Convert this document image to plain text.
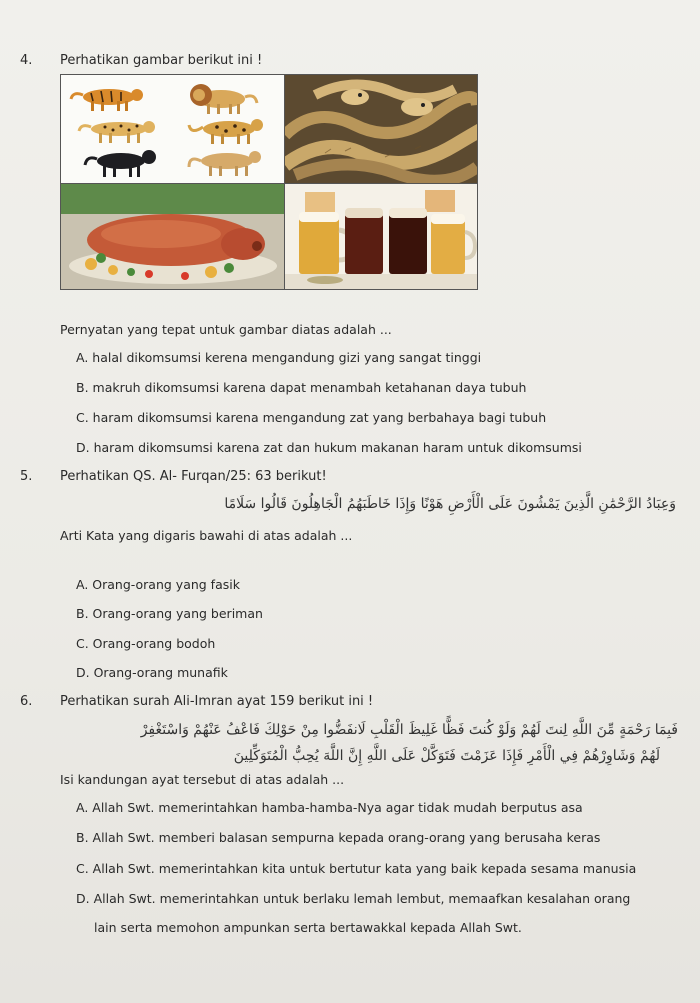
4. Perhatikan gambar berikut ini !
Pernyatan yang tepat untuk gambar diatas adalah ...
A. halal dikomsumsi kerena mengandung gizi yang sangat tinggi
B. makruh dikomsumsi karena dapat menambah ketahanan daya tubuh
C. haram dikomsumsi karena mengandung zat yang berbahaya bagi tubuh
D. haram dikomsumsi karena zat dan hukum makanan haram untuk dikomsumsi
5. Perhatikan QS. Al- Furqan/25: 63 berikut!
وَعِبَادُ الرَّحْمَٰنِ الَّذِينَ يَمْشُونَ عَلَى الْأَرْضِ هَوْنًا وَإِذَا خَاطَبَهُمُ الْجَاهِلُونَ قَالُوا سَلَامًا
Arti Kata yang digaris bawahi di atas adalah ...
A. Orang-orang yang fasik
B. Orang-orang yang beriman
C. Orang-orang bodoh
D. Orang-orang munafik
6. Perhatikan surah Ali-Imran ayat 159 berikut ini !
فَبِمَا رَحْمَةٍ مِّنَ اللَّهِ لِنتَ لَهُمْ وَلَوْ كُنتَ فَظًّا غَلِيظَ الْقَلْبِ لَانفَضُّوا مِنْ حَوْلِكَ فَاعْفُ عَنْهُمْ وَاسْتَغْفِرْ
لَهُمْ وَشَاوِرْهُمْ فِي الْأَمْرِ فَإِذَا عَزَمْتَ فَتَوَكَّلْ عَلَى اللَّهِ إِنَّ اللَّهَ يُحِبُّ الْمُتَوَكِّلِينَ
Isi kandungan ayat tersebut di atas adalah ...
A. Allah Swt. memerintahkan hamba-hamba-Nya agar tidak mudah berputus asa
B. Allah Swt. memberi balasan sempurna kepada orang-orang yang berusaha keras
C. Allah Swt. memerintahkan kita untuk bertutur kata yang baik kepada sesama manusia
D. Allah Swt. memerintahkan untuk berlaku lemah lembut, memaafkan kesalahan orang
lain serta memohon ampunkan serta bertawakkal kepada Allah Swt.
